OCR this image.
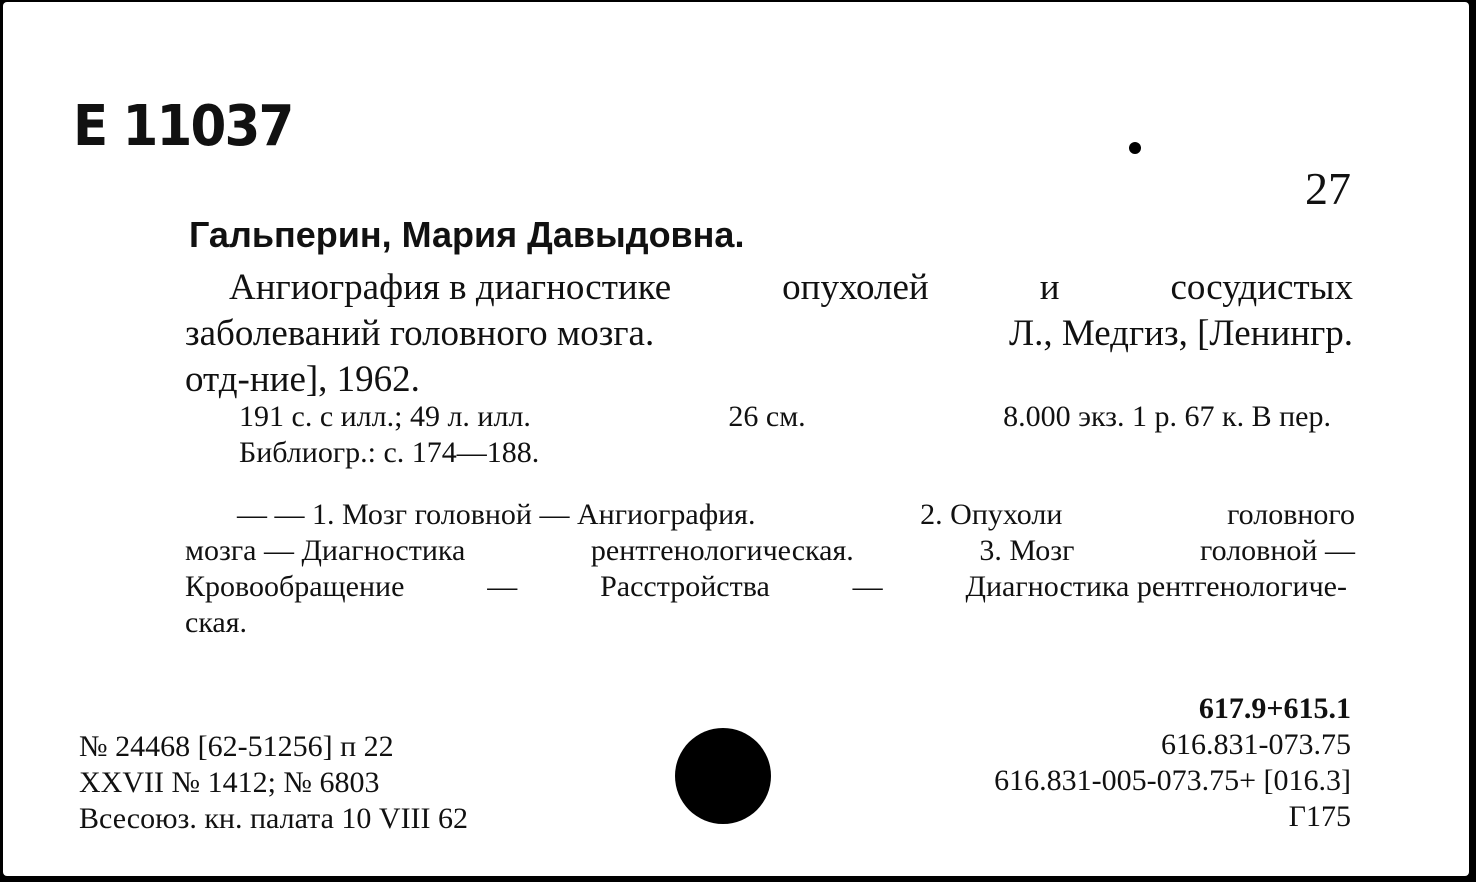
E 11037
27
Гальперин, Мария Давыдовна.
Ангиография в диагностике	опухолей	и	сосудистых
заболеваний головного мозга.	Л., Медгиз, [Ленингр.
отд-ние], 1962.
191 с. с илл.; 49 л. илл.	26 см.	8.000 экз. 1 р. 67 к. В пер.
Библиогр.: с. 174—188.
— — 1. Мозг головной — Ангиография.	2. Опухоли	головного
мозга — Диагностика	рентгенологическая.	3. Мозг	головной —
Кровообращение	—	Расстройства	—	Диагностика рентгенологиче-
ская.
№ 24468 [62-51256] п 22
XXVII № 1412; № 6803
Всесоюз. кн. палата 10 VIII 62
617.9+615.1
616.831-073.75
616.831-005-073.75+ [016.3]
Г175
